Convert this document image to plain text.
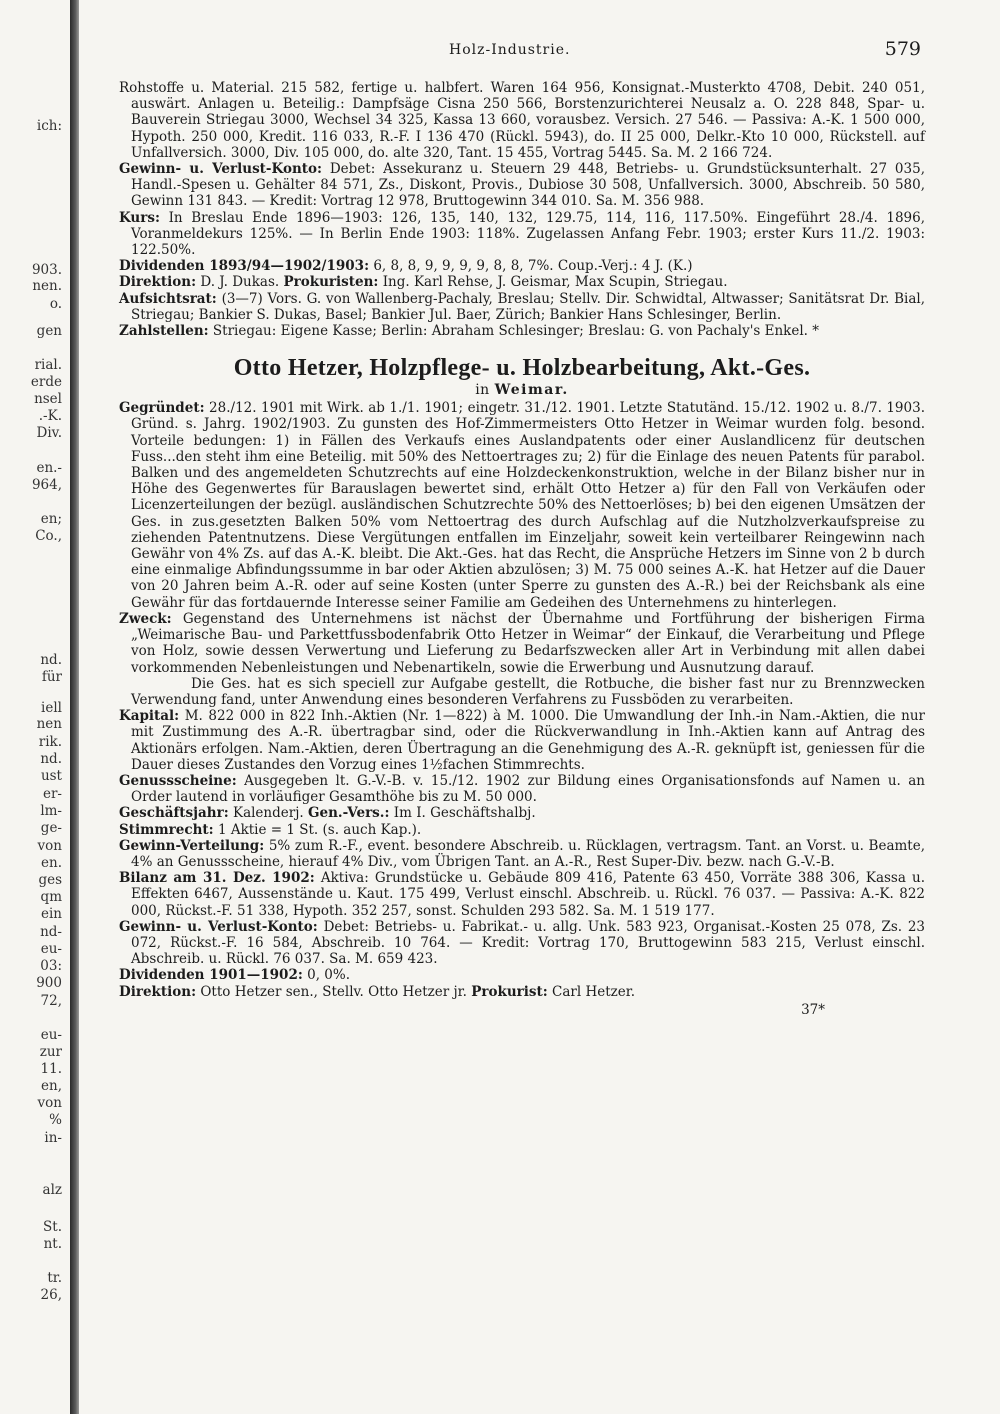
ich:
903.
nen.
o.
gen
rial.
erde
nsel
.-K.
Div.
en.-
964,
en;
Co.,
nd.
für
iell
nen
rik.
nd.
ust
er-
lm-
ge-
von
en.
ges
qm
ein
nd-
eu-
03:
900
72,
eu-
zur
11.
en,
von
%
in-
alz
St.
nt.
tr.
26,
Holz-Industrie.	579

Rohstoffe u. Material. 215 582, fertige u. halbfert. Waren 164 956, Konsignat.-Musterkto 4708, Debit. 240 051, auswärt. Anlagen u. Beteilig.: Dampfsäge Cisna 250 566, Borstenzurichterei Neusalz a. O. 228 848, Spar- u. Bauverein Striegau 3000, Wechsel 34 325, Kassa 13 660, vorausbez. Versich. 27 546. — Passiva: A.-K. 1 500 000, Hypoth. 250 000, Kredit. 116 033, R.-F. I 136 470 (Rückl. 5943), do. II 25 000, Delkr.-Kto 10 000, Rückstell. auf Unfallversich. 3000, Div. 105 000, do. alte 320, Tant. 15 455, Vortrag 5445. Sa. M. 2 166 724.

Gewinn- u. Verlust-Konto: Debet: Assekuranz u. Steuern 29 448, Betriebs- u. Grundstücksunterhalt. 27 035, Handl.-Spesen u. Gehälter 84 571, Zs., Diskont, Provis., Dubiose 30 508, Unfallversich. 3000, Abschreib. 50 580, Gewinn 131 843. — Kredit: Vortrag 12 978, Bruttogewinn 344 010. Sa. M. 356 988.

Kurs: In Breslau Ende 1896—1903: 126, 135, 140, 132, 129.75, 114, 116, 117.50%. Eingeführt 28./4. 1896, Voranmeldekurs 125%. — In Berlin Ende 1903: 118%. Zugelassen Anfang Febr. 1903; erster Kurs 11./2. 1903: 122.50%.

Dividenden 1893/94—1902/1903: 6, 8, 8, 9, 9, 9, 9, 8, 8, 7%. Coup.-Verj.: 4 J. (K.)

Direktion: D. J. Dukas. Prokuristen: Ing. Karl Rehse, J. Geismar, Max Scupin, Striegau.

Aufsichtsrat: (3—7) Vors. G. von Wallenberg-Pachaly, Breslau; Stellv. Dir. Schwidtal, Altwasser; Sanitätsrat Dr. Bial, Striegau; Bankier S. Dukas, Basel; Bankier Jul. Baer, Zürich; Bankier Hans Schlesinger, Berlin.

Zahlstellen: Striegau: Eigene Kasse; Berlin: Abraham Schlesinger; Breslau: G. von Pachaly's Enkel. *

Otto Hetzer, Holzpflege- u. Holzbearbeitung, Akt.-Ges.
in Weimar.

Gegründet: 28./12. 1901 mit Wirk. ab 1./1. 1901; eingetr. 31./12. 1901. Letzte Statutänd. 15./12. 1902 u. 8./7. 1903. Gründ. s. Jahrg. 1902/1903. Zu gunsten des Hof-Zimmermeisters Otto Hetzer in Weimar wurden folg. besond. Vorteile bedungen: 1) in Fällen des Verkaufs eines Auslandpatents oder einer Auslandlicenz für deutschen Fuss...den steht ihm eine Beteilig. mit 50% des Nettoertrages zu; 2) für die Einlage des neuen Patents für parabol. Balken und des angemeldeten Schutzrechts auf eine Holzdeckenkonstruktion, welche in der Bilanz bisher nur in Höhe des Gegenwertes für Barauslagen bewertet sind, erhält Otto Hetzer a) für den Fall von Verkäufen oder Licenzerteilungen der bezügl. ausländischen Schutzrechte 50% des Nettoerlöses; b) bei den eigenen Umsätzen der Ges. in zus.gesetzten Balken 50% vom Nettoertrag des durch Aufschlag auf die Nutzholzverkaufspreise zu ziehenden Patentnutzens. Diese Vergütungen entfallen im Einzeljahr, soweit kein verteilbarer Reingewinn nach Gewähr von 4% Zs. auf das A.-K. bleibt. Die Akt.-Ges. hat das Recht, die Ansprüche Hetzers im Sinne von 2 b durch eine einmalige Abfindungssumme in bar oder Aktien abzulösen; 3) M. 75 000 seines A.-K. hat Hetzer auf die Dauer von 20 Jahren beim A.-R. oder auf seine Kosten (unter Sperre zu gunsten des A.-R.) bei der Reichsbank als eine Gewähr für das fortdauernde Interesse seiner Familie am Gedeihen des Unternehmens zu hinterlegen.

Zweck: Gegenstand des Unternehmens ist nächst der Übernahme und Fortführung der bisherigen Firma „Weimarische Bau- und Parkettfussbodenfabrik Otto Hetzer in Weimar“ der Einkauf, die Verarbeitung und Pflege von Holz, sowie dessen Verwertung und Lieferung zu Bedarfszwecken aller Art in Verbindung mit allen dabei vorkommenden Nebenleistungen und Nebenartikeln, sowie die Erwerbung und Ausnutzung darauf.
Die Ges. hat es sich speciell zur Aufgabe gestellt, die Rotbuche, die bisher fast nur zu Brennzwecken Verwendung fand, unter Anwendung eines besonderen Verfahrens zu Fussböden zu verarbeiten.

Kapital: M. 822 000 in 822 Inh.-Aktien (Nr. 1—822) à M. 1000. Die Umwandlung der Inh.-in Nam.-Aktien, die nur mit Zustimmung des A.-R. übertragbar sind, oder die Rückverwandlung in Inh.-Aktien kann auf Antrag des Aktionärs erfolgen. Nam.-Aktien, deren Übertragung an die Genehmigung des A.-R. geknüpft ist, geniessen für die Dauer dieses Zustandes den Vorzug eines 1½fachen Stimmrechts.

Genussscheine: Ausgegeben lt. G.-V.-B. v. 15./12. 1902 zur Bildung eines Organisationsfonds auf Namen u. an Order lautend in vorläufiger Gesamthöhe bis zu M. 50 000.

Geschäftsjahr: Kalenderj. Gen.-Vers.: Im I. Geschäftshalbj.

Stimmrecht: 1 Aktie = 1 St. (s. auch Kap.).

Gewinn-Verteilung: 5% zum R.-F., event. besondere Abschreib. u. Rücklagen, vertragsm. Tant. an Vorst. u. Beamte, 4% an Genussscheine, hierauf 4% Div., vom Übrigen Tant. an A.-R., Rest Super-Div. bezw. nach G.-V.-B.

Bilanz am 31. Dez. 1902: Aktiva: Grundstücke u. Gebäude 809 416, Patente 63 450, Vorräte 388 306, Kassa u. Effekten 6467, Aussenstände u. Kaut. 175 499, Verlust einschl. Abschreib. u. Rückl. 76 037. — Passiva: A.-K. 822 000, Rückst.-F. 51 338, Hypoth. 352 257, sonst. Schulden 293 582. Sa. M. 1 519 177.

Gewinn- u. Verlust-Konto: Debet: Betriebs- u. Fabrikat.- u. allg. Unk. 583 923, Organisat.-Kosten 25 078, Zs. 23 072, Rückst.-F. 16 584, Abschreib. 10 764. — Kredit: Vortrag 170, Bruttogewinn 583 215, Verlust einschl. Abschreib. u. Rückl. 76 037. Sa. M. 659 423.

Dividenden 1901—1902: 0, 0%.

Direktion: Otto Hetzer sen., Stellv. Otto Hetzer jr. Prokurist: Carl Hetzer.

37*
